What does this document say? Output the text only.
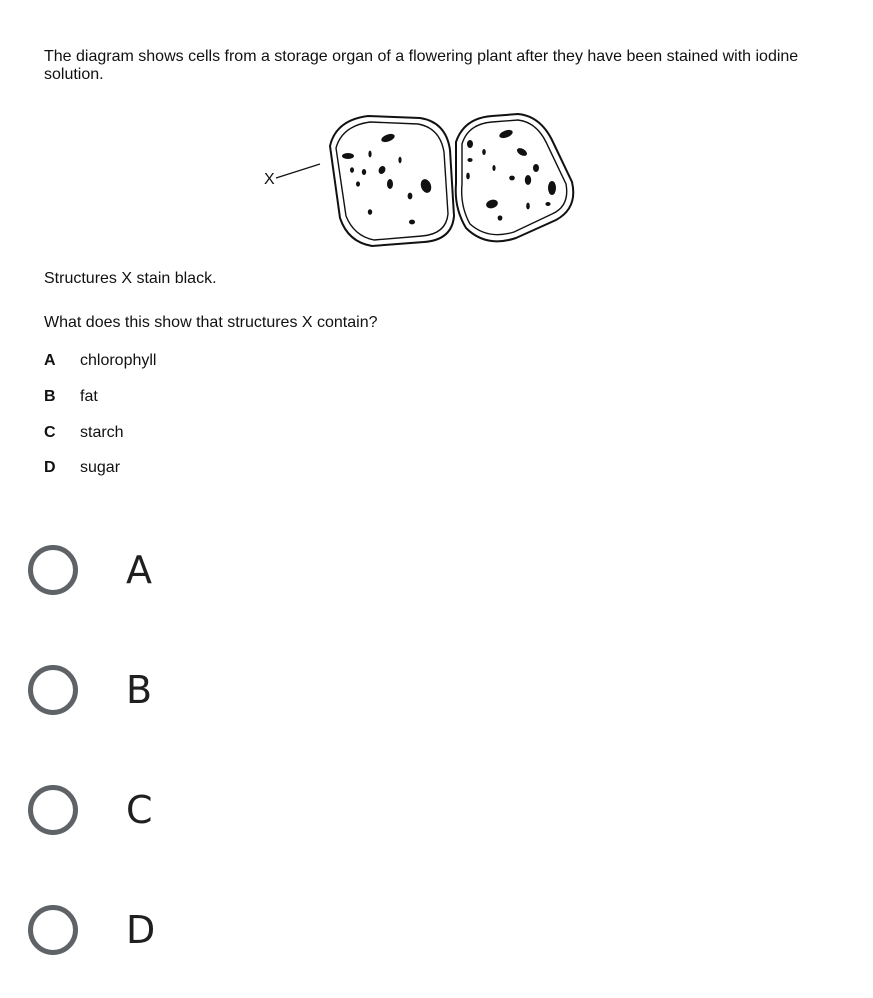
The diagram shows cells from a storage organ of a flowering plant after they have been stained with iodine solution.

X

Structures X stain black.

What does this show that structures X contain?

A	chlorophyll
B	fat
C	starch
D	sugar
A
B
C
D
